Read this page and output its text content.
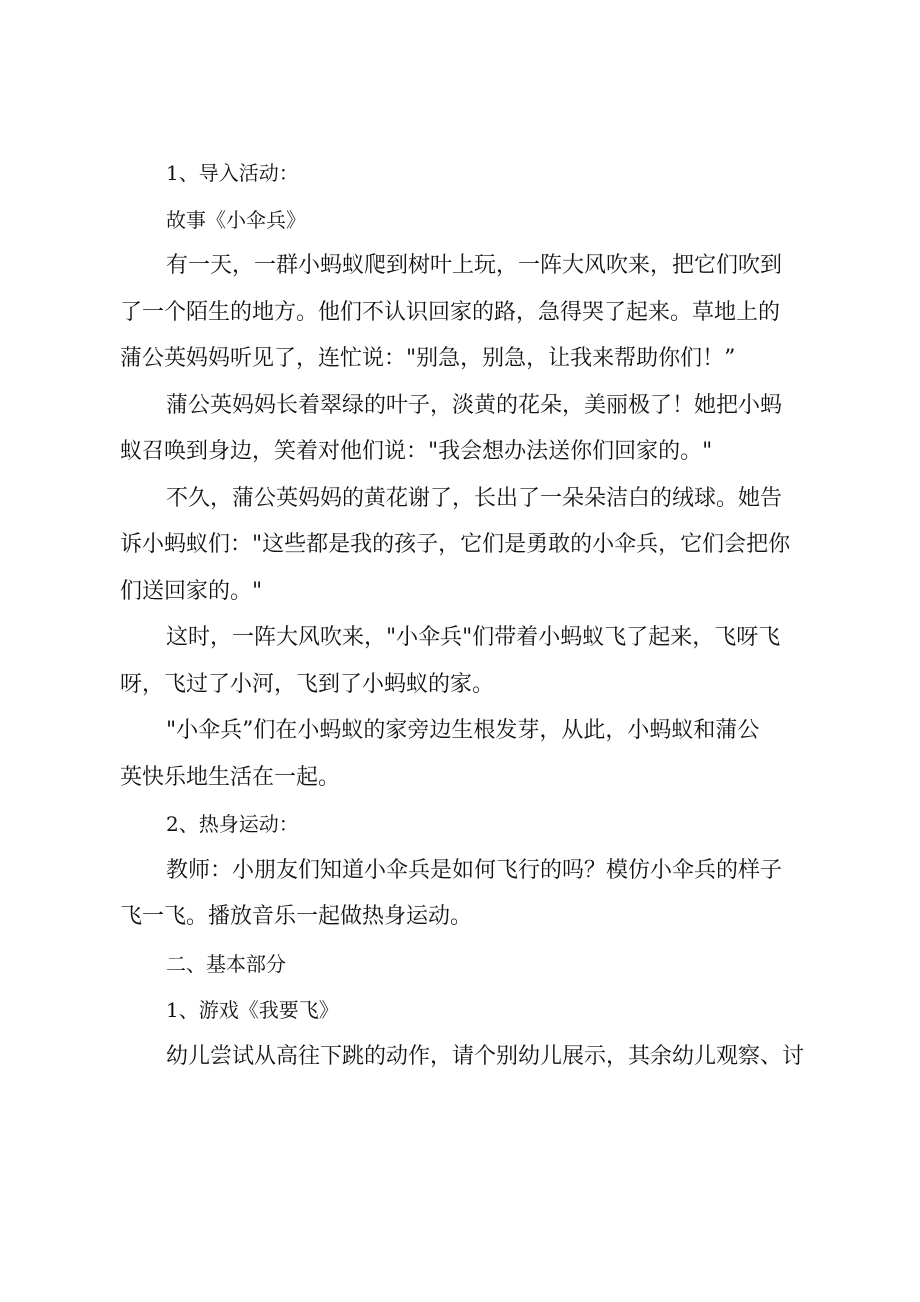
1、导入活动：
故事《小伞兵》
有一天，一群小蚂蚁爬到树叶上玩，一阵大风吹来，把它们吹到
了一个陌生的地方。他们不认识回家的路，急得哭了起来。草地上的
蒲公英妈妈听见了，连忙说："别急，别急，让我来帮助你们！”
蒲公英妈妈长着翠绿的叶子，淡黄的花朵，美丽极了！她把小蚂
蚁召唤到身边，笑着对他们说："我会想办法送你们回家的。"
不久，蒲公英妈妈的黄花谢了，长出了一朵朵洁白的绒球。她告
诉小蚂蚁们："这些都是我的孩子，它们是勇敢的小伞兵，它们会把你
们送回家的。"
这时，一阵大风吹来，"小伞兵"们带着小蚂蚁飞了起来，飞呀飞
呀，飞过了小河，飞到了小蚂蚁的家。
"小伞兵”们在小蚂蚁的家旁边生根发芽，从此，小蚂蚁和蒲公
英快乐地生活在一起。
2、热身运动：
教师：小朋友们知道小伞兵是如何飞行的吗？模仿小伞兵的样子
飞一飞。播放音乐一起做热身运动。
二、基本部分
1、游戏《我要飞》
幼儿尝试从高往下跳的动作，请个别幼儿展示，其余幼儿观察、讨
